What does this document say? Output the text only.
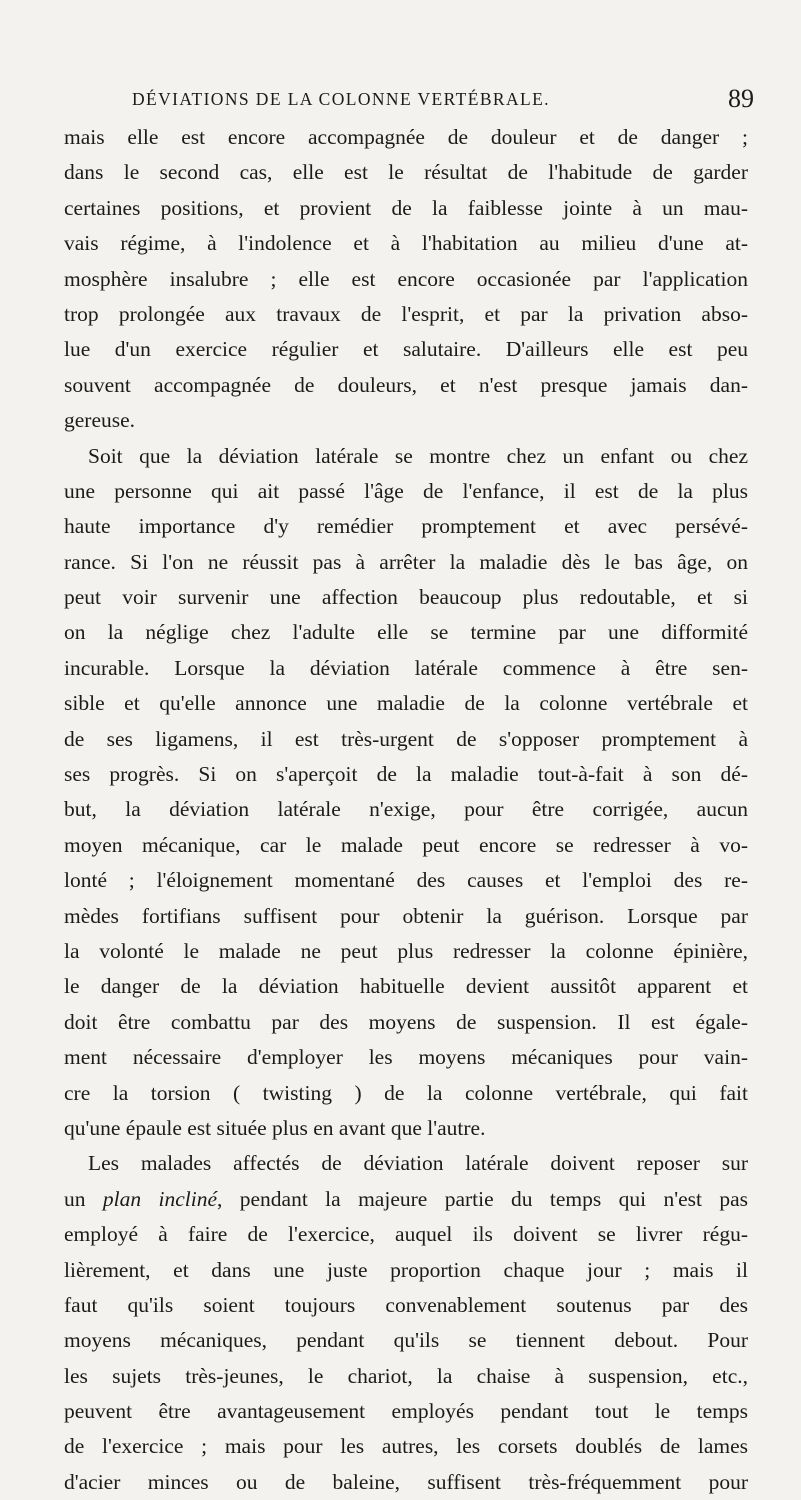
DÉVIATIONS DE LA COLONNE VERTÉBRALE.	89
mais elle est encore accompagnée de douleur et de danger ;
dans le second cas, elle est le résultat de l'habitude de garder
certaines positions, et provient de la faiblesse jointe à un mau-
vais régime, à l'indolence et à l'habitation au milieu d'une at-
mosphère insalubre ; elle est encore occasionée par l'application
trop prolongée aux travaux de l'esprit, et par la privation abso-
lue d'un exercice régulier et salutaire. D'ailleurs elle est peu
souvent accompagnée de douleurs, et n'est presque jamais dan-
gereuse.
Soit que la déviation latérale se montre chez un enfant ou chez
une personne qui ait passé l'âge de l'enfance, il est de la plus
haute importance d'y remédier promptement et avec persévé-
rance. Si l'on ne réussit pas à arrêter la maladie dès le bas âge, on
peut voir survenir une affection beaucoup plus redoutable, et si
on la néglige chez l'adulte elle se termine par une difformité
incurable. Lorsque la déviation latérale commence à être sen-
sible et qu'elle annonce une maladie de la colonne vertébrale et
de ses ligamens, il est très-urgent de s'opposer promptement à
ses progrès. Si on s'aperçoit de la maladie tout-à-fait à son dé-
but, la déviation latérale n'exige, pour être corrigée, aucun
moyen mécanique, car le malade peut encore se redresser à vo-
lonté ; l'éloignement momentané des causes et l'emploi des re-
mèdes fortifians suffisent pour obtenir la guérison. Lorsque par
la volonté le malade ne peut plus redresser la colonne épinière,
le danger de la déviation habituelle devient aussitôt apparent et
doit être combattu par des moyens de suspension. Il est égale-
ment nécessaire d'employer les moyens mécaniques pour vain-
cre la torsion ( twisting ) de la colonne vertébrale, qui fait
qu'une épaule est située plus en avant que l'autre.
Les malades affectés de déviation latérale doivent reposer sur
un plan incliné, pendant la majeure partie du temps qui n'est pas
employé à faire de l'exercice, auquel ils doivent se livrer régu-
lièrement, et dans une juste proportion chaque jour ; mais il
faut qu'ils soient toujours convenablement soutenus par des
moyens mécaniques, pendant qu'ils se tiennent debout. Pour
les sujets très-jeunes, le chariot, la chaise à suspension, etc.,
peuvent être avantageusement employés pendant tout le temps
de l'exercice ; mais pour les autres, les corsets doublés de lames
d'acier minces ou de baleine, suffisent très-fréquemment pour
